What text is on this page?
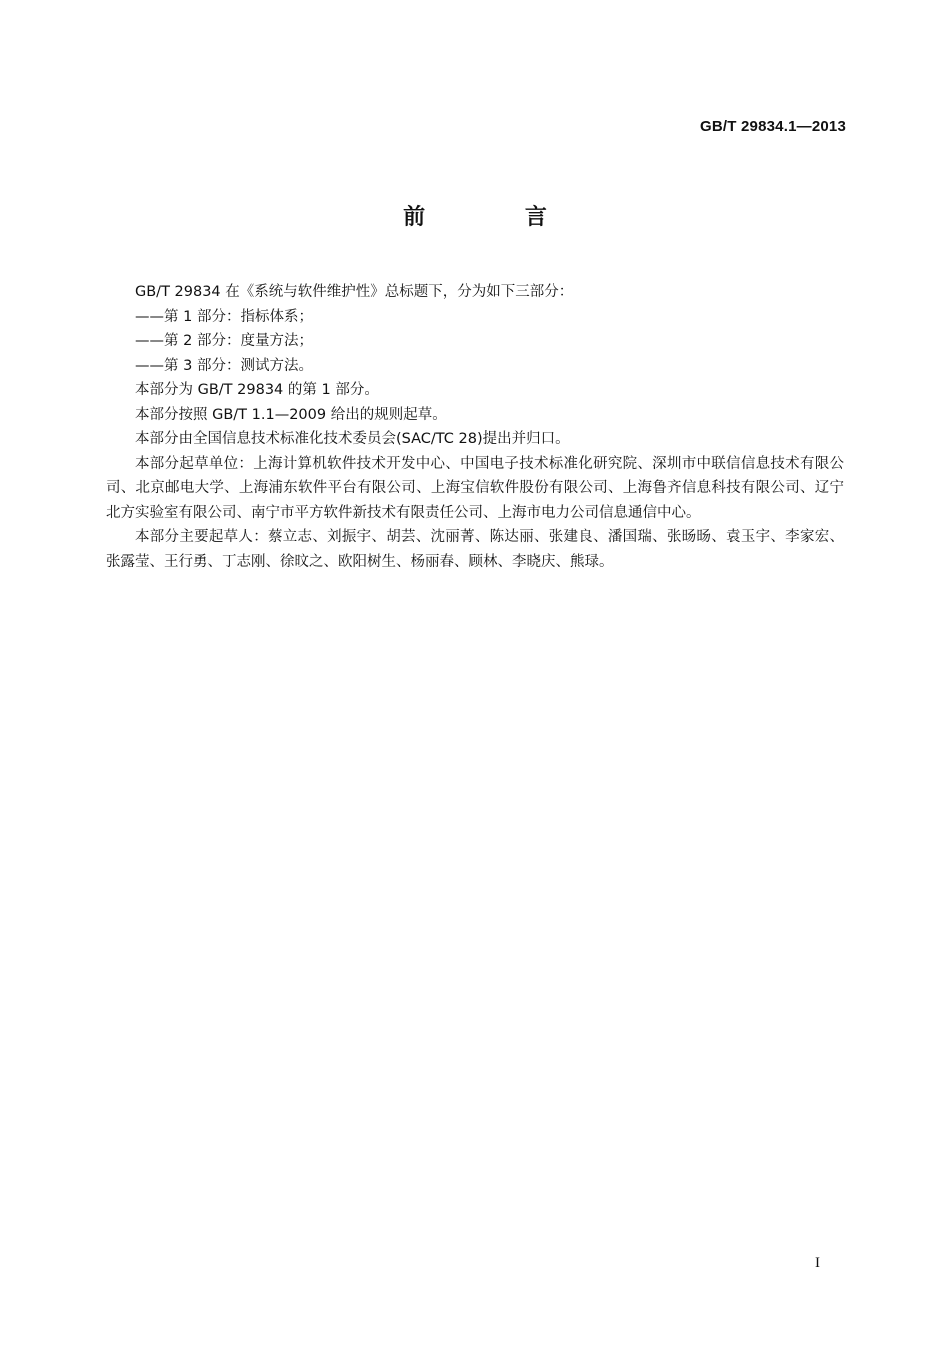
GB/T 29834.1—2013
前 言

GB/T 29834 在《系统与软件维护性》总标题下，分为如下三部分：

——第 1 部分：指标体系；

——第 2 部分：度量方法；

——第 3 部分：测试方法。

本部分为 GB/T 29834 的第 1 部分。

本部分按照 GB/T 1.1—2009 给出的规则起草。

本部分由全国信息技术标准化技术委员会(SAC/TC 28)提出并归口。

本部分起草单位：上海计算机软件技术开发中心、中国电子技术标准化研究院、深圳市中联信信息技术有限公司、北京邮电大学、上海浦东软件平台有限公司、上海宝信软件股份有限公司、上海鲁齐信息科技有限公司、辽宁北方实验室有限公司、南宁市平方软件新技术有限责任公司、上海市电力公司信息通信中心。

本部分主要起草人：蔡立志、刘振宇、胡芸、沈丽菁、陈达丽、张建良、潘国瑞、张旸旸、袁玉宇、李家宏、张露莹、王行勇、丁志刚、徐旼之、欧阳树生、杨丽春、顾林、李晓庆、熊琭。

I
